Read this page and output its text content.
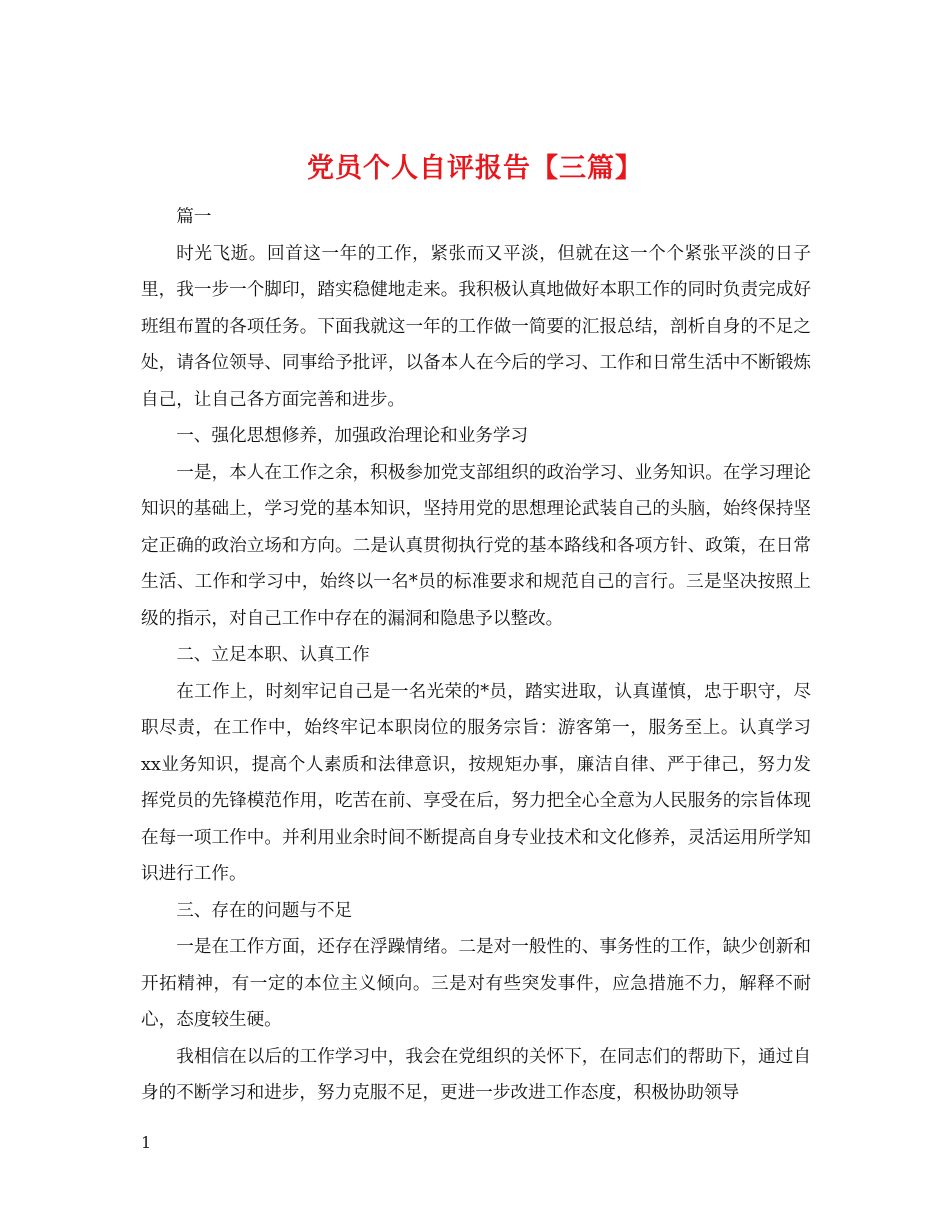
党员个人自评报告【三篇】

篇一

时光飞逝。回首这一年的工作，紧张而又平淡，但就在这一个个紧张平淡的日子里，我一步一个脚印，踏实稳健地走来。我积极认真地做好本职工作的同时负责完成好班组布置的各项任务。下面我就这一年的工作做一简要的汇报总结，剖析自身的不足之处，请各位领导、同事给予批评，以备本人在今后的学习、工作和日常生活中不断锻炼自己，让自己各方面完善和进步。

一、强化思想修养，加强政治理论和业务学习

一是，本人在工作之余，积极参加党支部组织的政治学习、业务知识。在学习理论知识的基础上，学习党的基本知识，坚持用党的思想理论武装自己的头脑，始终保持坚定正确的政治立场和方向。二是认真贯彻执行党的基本路线和各项方针、政策，在日常生活、工作和学习中，始终以一名*员的标准要求和规范自己的言行。三是坚决按照上级的指示，对自己工作中存在的漏洞和隐患予以整改。

二、立足本职、认真工作

在工作上，时刻牢记自己是一名光荣的*员，踏实进取，认真谨慎，忠于职守，尽职尽责，在工作中，始终牢记本职岗位的服务宗旨：游客第一，服务至上。认真学习xx业务知识，提高个人素质和法律意识，按规矩办事，廉洁自律、严于律己，努力发挥党员的先锋模范作用，吃苦在前、享受在后，努力把全心全意为人民服务的宗旨体现在每一项工作中。并利用业余时间不断提高自身专业技术和文化修养，灵活运用所学知识进行工作。

三、存在的问题与不足

一是在工作方面，还存在浮躁情绪。二是对一般性的、事务性的工作，缺少创新和开拓精神，有一定的本位主义倾向。三是对有些突发事件，应急措施不力，解释不耐心，态度较生硬。

我相信在以后的工作学习中，我会在党组织的关怀下，在同志们的帮助下，通过自身的不断学习和进步，努力克服不足，更进一步改进工作态度，积极协助领导

1
